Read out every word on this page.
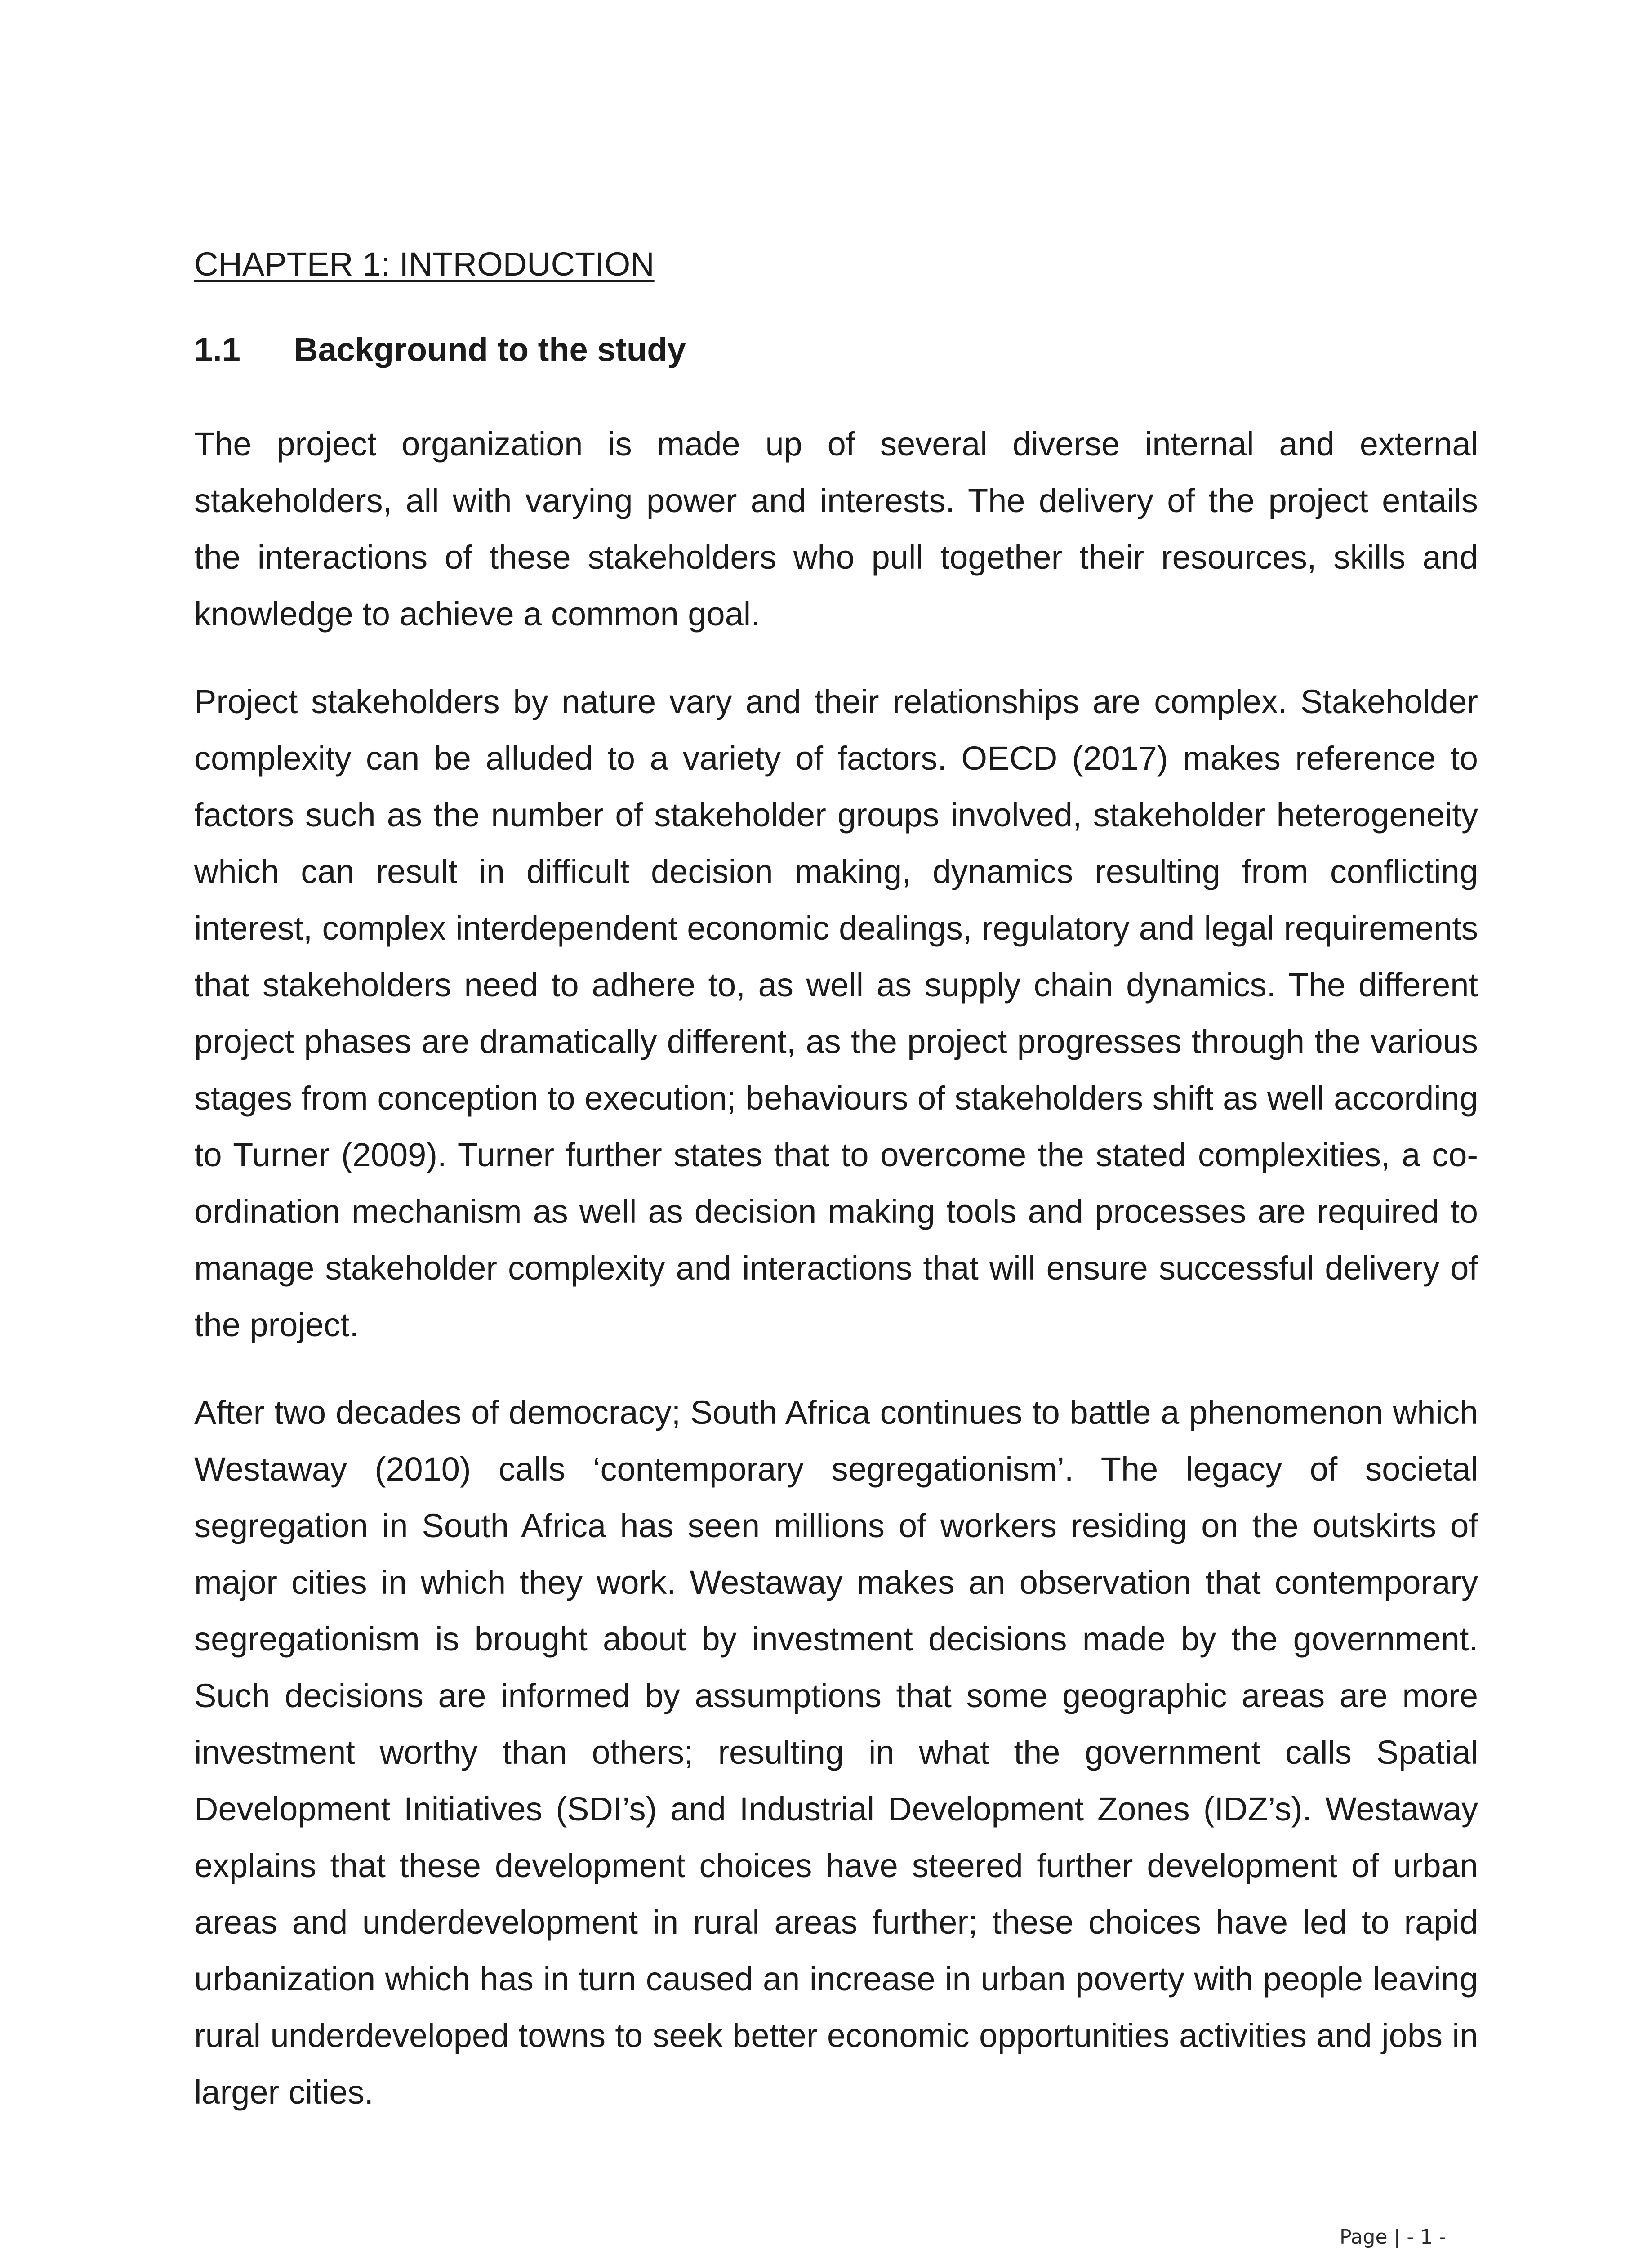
CHAPTER 1: INTRODUCTION
1.1 Background to the study

The project organization is made up of several diverse internal and external stakeholders, all with varying power and interests. The delivery of the project entails the interactions of these stakeholders who pull together their resources, skills and knowledge to achieve a common goal.

Project stakeholders by nature vary and their relationships are complex. Stakeholder complexity can be alluded to a variety of factors. OECD (2017) makes reference to factors such as the number of stakeholder groups involved, stakeholder heterogeneity which can result in difficult decision making, dynamics resulting from conflicting interest, complex interdependent economic dealings, regulatory and legal requirements that stakeholders need to adhere to, as well as supply chain dynamics. The different project phases are dramatically different, as the project progresses through the various stages from conception to execution; behaviours of stakeholders shift as well according to Turner (2009). Turner further states that to overcome the stated complexities, a co-ordination mechanism as well as decision making tools and processes are required to manage stakeholder complexity and interactions that will ensure successful delivery of the project.

After two decades of democracy; South Africa continues to battle a phenomenon which Westaway (2010) calls ‘contemporary segregationism’. The legacy of societal segregation in South Africa has seen millions of workers residing on the outskirts of major cities in which they work. Westaway makes an observation that contemporary segregationism is brought about by investment decisions made by the government. Such decisions are informed by assumptions that some geographic areas are more investment worthy than others; resulting in what the government calls Spatial Development Initiatives (SDI’s) and Industrial Development Zones (IDZ’s). Westaway explains that these development choices have steered further development of urban areas and underdevelopment in rural areas further; these choices have led to rapid urbanization which has in turn caused an increase in urban poverty with people leaving rural underdeveloped towns to seek better economic opportunities activities and jobs in larger cities.

Page | - 1 -
